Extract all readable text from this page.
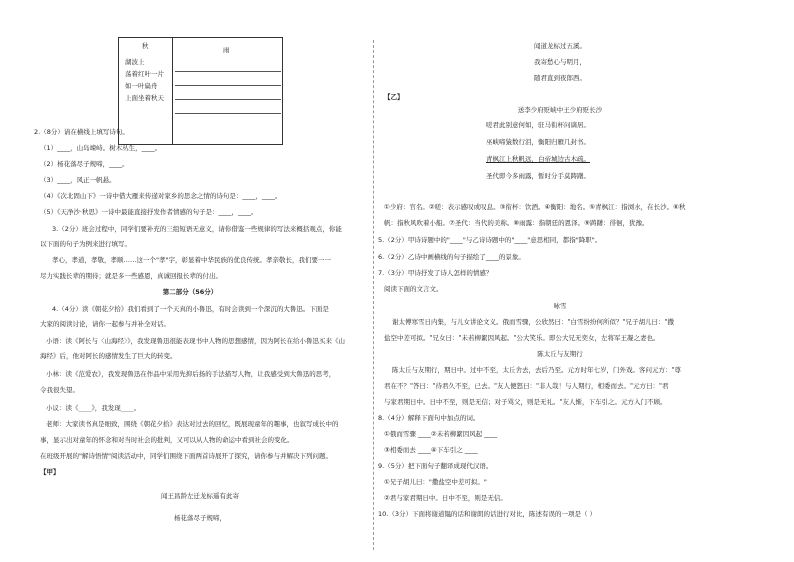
秋
湖波上
荡着红叶一片
如一叶扁舟
上面坐着秋天
雨
2.（8分）请在横线上填写诗句。
（1）____，山岛竦峙。树木丛生，____。
（2）杨花落尽子规啼，____。
（3）____，风正一帆悬。
（4）《次北固山下》一诗中借大雁来传递对家乡的思念之情的诗句是：____，____。
（5）《天净沙·秋思》一诗中最能直接抒发作者情感的句子是：____，____。
3.（2分）班会过程中，同学们要补充的三组短语无意义，请你借鉴一些规律的写法来概括观点，你能
以下面的句子为例来进行填写。
孝心，孝道，孝敬，孝顺……这一个"孝"字，彰显着中华民族的优良传统。孝亲敬长，我们要一一
尽力实践长辈的期待；就是多一些感恩，真诚回报长辈的付出。
第二部分（56分）
4.（4分）读《朝花夕拾》我们看到了一个天真的小鲁迅，有时会读到一个深沉的大鲁迅。下面是
大家的阅读讨论，请你一起参与并补全对话。
小语：读《阿长与〈山海经〉》，我发现鲁迅很能表现书中人物的思想感情，因为阿长在给小鲁迅买来《山
海经》后，他对阿长的感情发生了巨大的转变。
小林：读《范爱农》，我发现鲁迅在作品中采用先抑后扬的手法描写人物，让我感受到大鲁迅的思考，
令我很失望。
小议：读《____》，我发现____。
老师：大家读书真是细致，围绕《朝花夕拾》表达对过去的回忆，既展现童年的趣事，也叙写成长中的
事，显示出对童年的怀念和对当时社会的批判，又可以从人物的命运中看到社会的变化。
在班级开展的"解诗悟情"阅读活动中，同学们围绕下面两首诗展开了探究，请你参与并解决下列问题。
【甲】
闻王昌龄左迁龙标遥有此寄
杨花落尽子规啼，
闻道龙标过五溪。
我寄愁心与明月，
随君直到夜郎西。
【乙】
送李少府贬峡中王少府贬长沙
嗟君此别意何如，驻马衔杯问谪居。
巫峡啼猿数行泪，衡阳归雁几封书。
青枫江上秋帆远，白帝城边古木疏。
圣代即今多雨露，暂时分手莫踌躇。
①少府：官名。②嗟：表示感叹或叹息。③衔杯：饮酒。④衡阳：地名。⑤青枫江：指浏水，在长沙。⑥秋
帆：指秋风吹着小船。⑦圣代：当代的美称。⑧雨露：指朝廷的恩泽。⑨踌躇：徘徊，犹豫。
5.（2分）甲诗诗题中的"____"与乙诗诗题中的"____"意思相同，都指"降职"。
6.（2分）乙诗中画横线的句子描绘了____的景象。
7.（3分）甲诗抒发了诗人怎样的情感？
阅读下面的文言文。
咏雪
谢太傅寒雪日内集，与儿女讲论文义。俄而雪骤，公欣然曰："白雪纷纷何所似？"兄子胡儿曰："撒
盐空中差可拟。"兄女曰："未若柳絮因风起。"公大笑乐。即公大兄无奕女，左将军王凝之妻也。
陈太丘与友期行
陈太丘与友期行，期日中。过中不至，太丘舍去，去后乃至。元方时年七岁，门外戏。客问元方："尊
君在不？"答曰："待君久不至，已去。"友人便怒曰："非人哉！与人期行，相委而去。"元方曰："君
与家君期日中。日中不至，则是无信；对子骂父，则是无礼。"友人惭，下车引之。元方入门不顾。
8.（4分）解释下面句中加点的词。
①俄而雪骤 ____②未若柳絮因风起 ____
③相委而去 ____④下车引之 ____
9.（5分）把下面句子翻译成现代汉语。
①兄子胡儿曰："撒盐空中差可拟。"
②君与家君期日中。日中不至，则是无信。
10.（3分）下面将谢道韫的话和谢朗的话进行对比，陈述有误的一项是（ ）
